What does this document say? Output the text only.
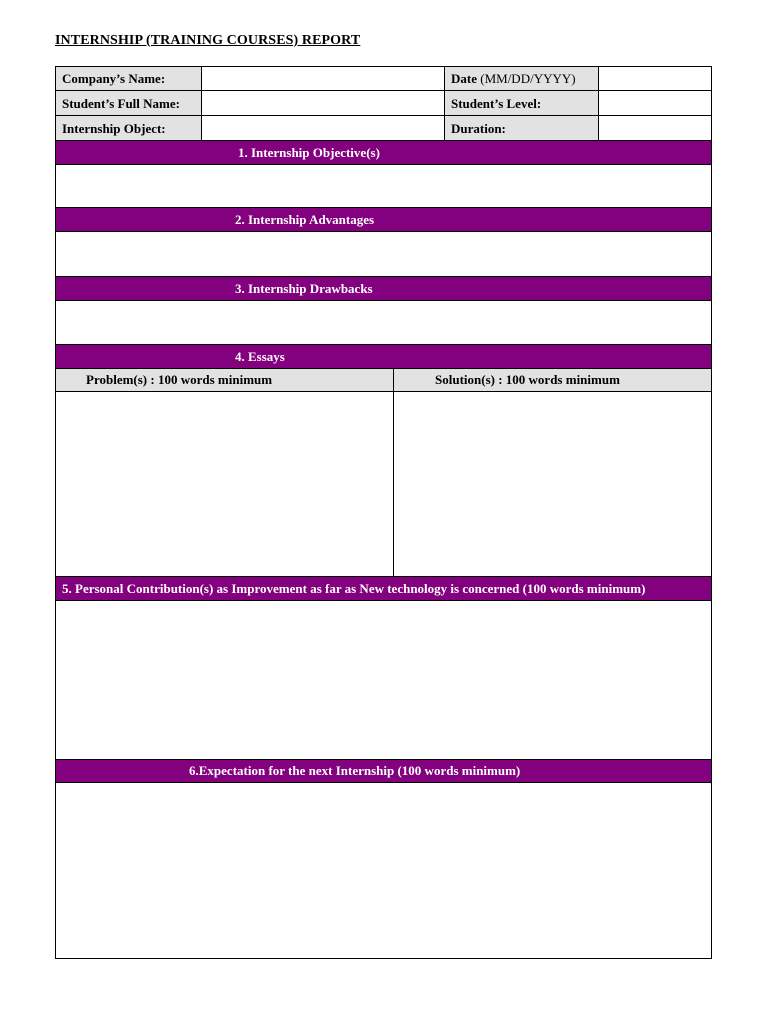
INTERNSHIP (TRAINING COURSES) REPORT
Company’s Name:	Date (MM/DD/YYYY)
Student’s Full Name:	Student’s Level:
Internship Object:	Duration:
1. Internship Objective(s)
2. Internship Advantages
3. Internship Drawbacks
4. Essays
Problem(s) : 100 words minimum	Solution(s) : 100 words minimum
5. Personal Contribution(s) as Improvement as far as New technology is concerned (100 words minimum)
6.Expectation for the next Internship (100 words minimum)
